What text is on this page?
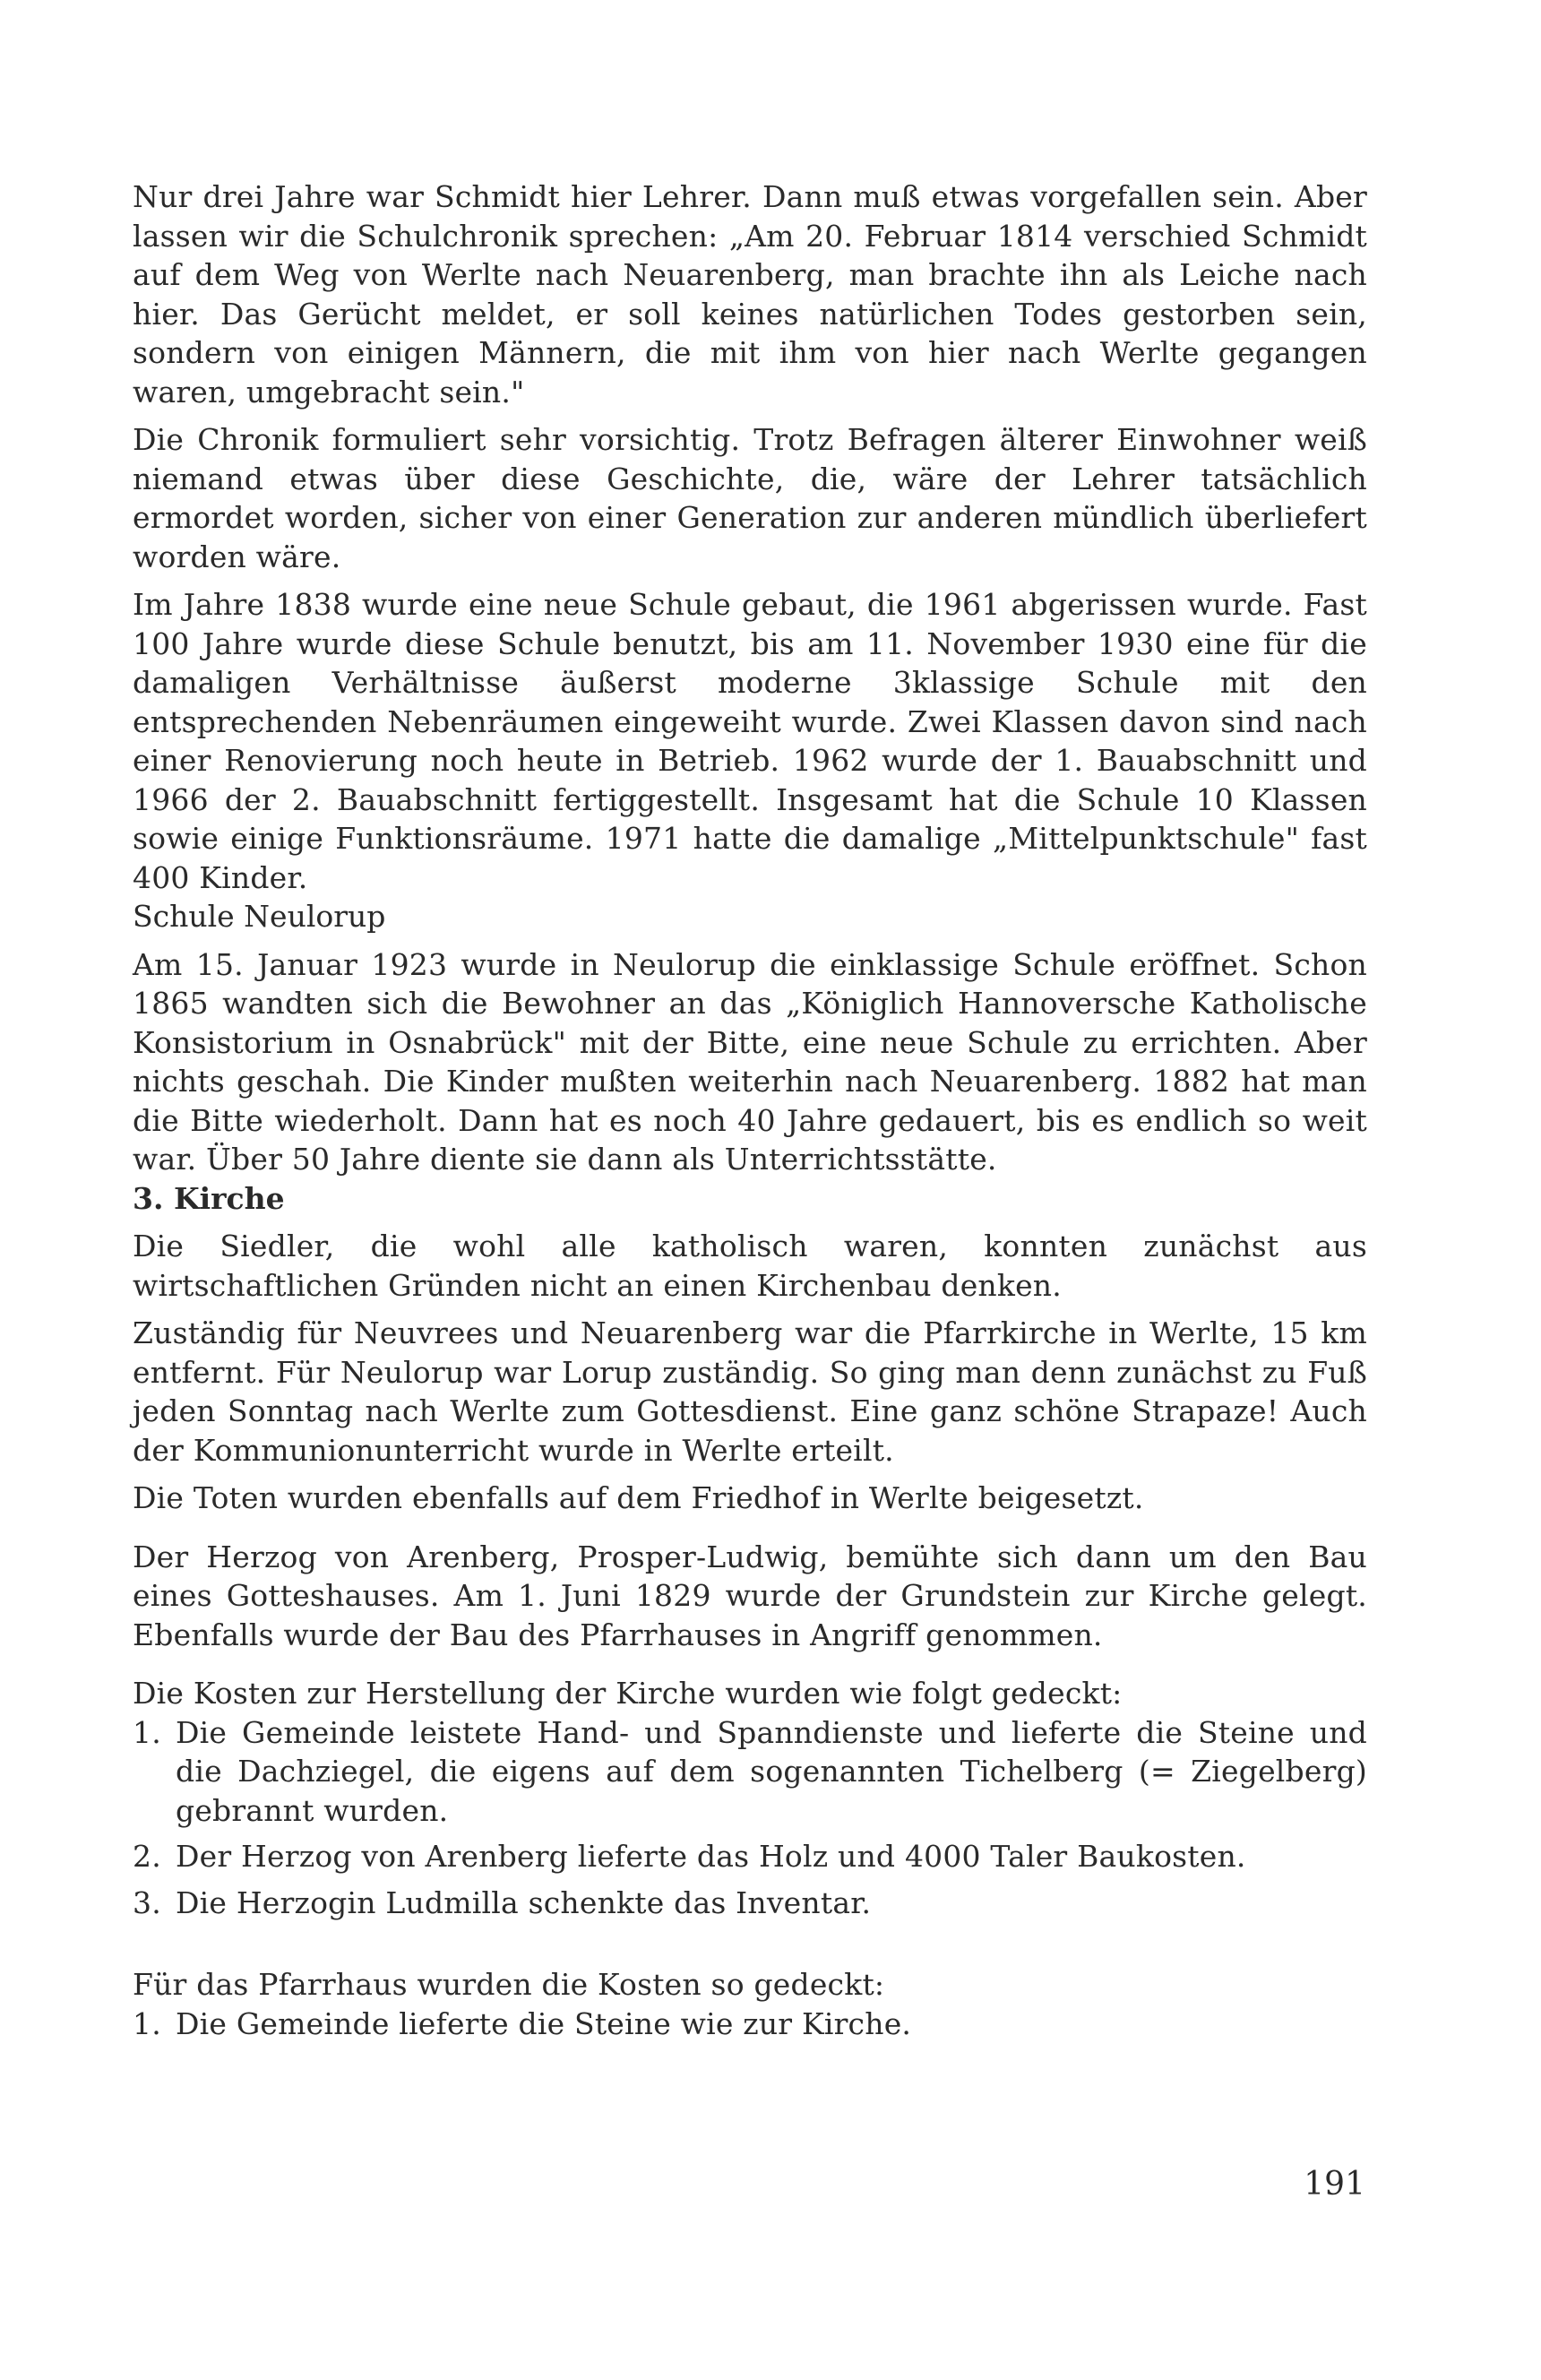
Nur drei Jahre war Schmidt hier Lehrer. Dann muß etwas vorgefallen sein. Aber lassen wir die Schulchronik sprechen: „Am 20. Februar 1814 verschied Schmidt auf dem Weg von Werlte nach Neuarenberg, man brachte ihn als Leiche nach hier. Das Gerücht meldet, er soll keines natürlichen Todes gestorben sein, sondern von einigen Männern, die mit ihm von hier nach Werlte gegangen waren, umgebracht sein."

Die Chronik formuliert sehr vorsichtig. Trotz Befragen älterer Einwohner weiß niemand etwas über diese Geschichte, die, wäre der Lehrer tatsächlich ermordet worden, sicher von einer Generation zur anderen mündlich überliefert worden wäre.

Im Jahre 1838 wurde eine neue Schule gebaut, die 1961 abgerissen wurde. Fast 100 Jahre wurde diese Schule benutzt, bis am 11. November 1930 eine für die damaligen Verhältnisse äußerst moderne 3klassige Schule mit den entsprechenden Nebenräumen eingeweiht wurde. Zwei Klassen davon sind nach einer Renovierung noch heute in Betrieb. 1962 wurde der 1. Bauabschnitt und 1966 der 2. Bauabschnitt fertiggestellt. Insgesamt hat die Schule 10 Klassen sowie einige Funktionsräume. 1971 hatte die damalige „Mittelpunktschule" fast 400 Kinder.

Schule Neulorup

Am 15. Januar 1923 wurde in Neulorup die einklassige Schule eröffnet. Schon 1865 wandten sich die Bewohner an das „Königlich Hannoversche Katholische Konsistorium in Osnabrück" mit der Bitte, eine neue Schule zu errichten. Aber nichts geschah. Die Kinder mußten weiterhin nach Neuarenberg. 1882 hat man die Bitte wiederholt. Dann hat es noch 40 Jahre gedauert, bis es endlich so weit war. Über 50 Jahre diente sie dann als Unterrichtsstätte.

3. Kirche

Die Siedler, die wohl alle katholisch waren, konnten zunächst aus wirtschaftlichen Gründen nicht an einen Kirchenbau denken.

Zuständig für Neuvrees und Neuarenberg war die Pfarrkirche in Werlte, 15 km entfernt. Für Neulorup war Lorup zuständig. So ging man denn zunächst zu Fuß jeden Sonntag nach Werlte zum Gottesdienst. Eine ganz schöne Strapaze! Auch der Kommunionunterricht wurde in Werlte erteilt.

Die Toten wurden ebenfalls auf dem Friedhof in Werlte beigesetzt.

Der Herzog von Arenberg, Prosper-Ludwig, bemühte sich dann um den Bau eines Gotteshauses. Am 1. Juni 1829 wurde der Grundstein zur Kirche gelegt. Ebenfalls wurde der Bau des Pfarrhauses in Angriff genommen.

Die Kosten zur Herstellung der Kirche wurden wie folgt gedeckt:

1. Die Gemeinde leistete Hand- und Spanndienste und lieferte die Steine und die Dachziegel, die eigens auf dem sogenannten Tichelberg (= Ziegelberg) gebrannt wurden.
2. Der Herzog von Arenberg lieferte das Holz und 4000 Taler Baukosten.
3. Die Herzogin Ludmilla schenkte das Inventar.

Für das Pfarrhaus wurden die Kosten so gedeckt:

1. Die Gemeinde lieferte die Steine wie zur Kirche.
191
